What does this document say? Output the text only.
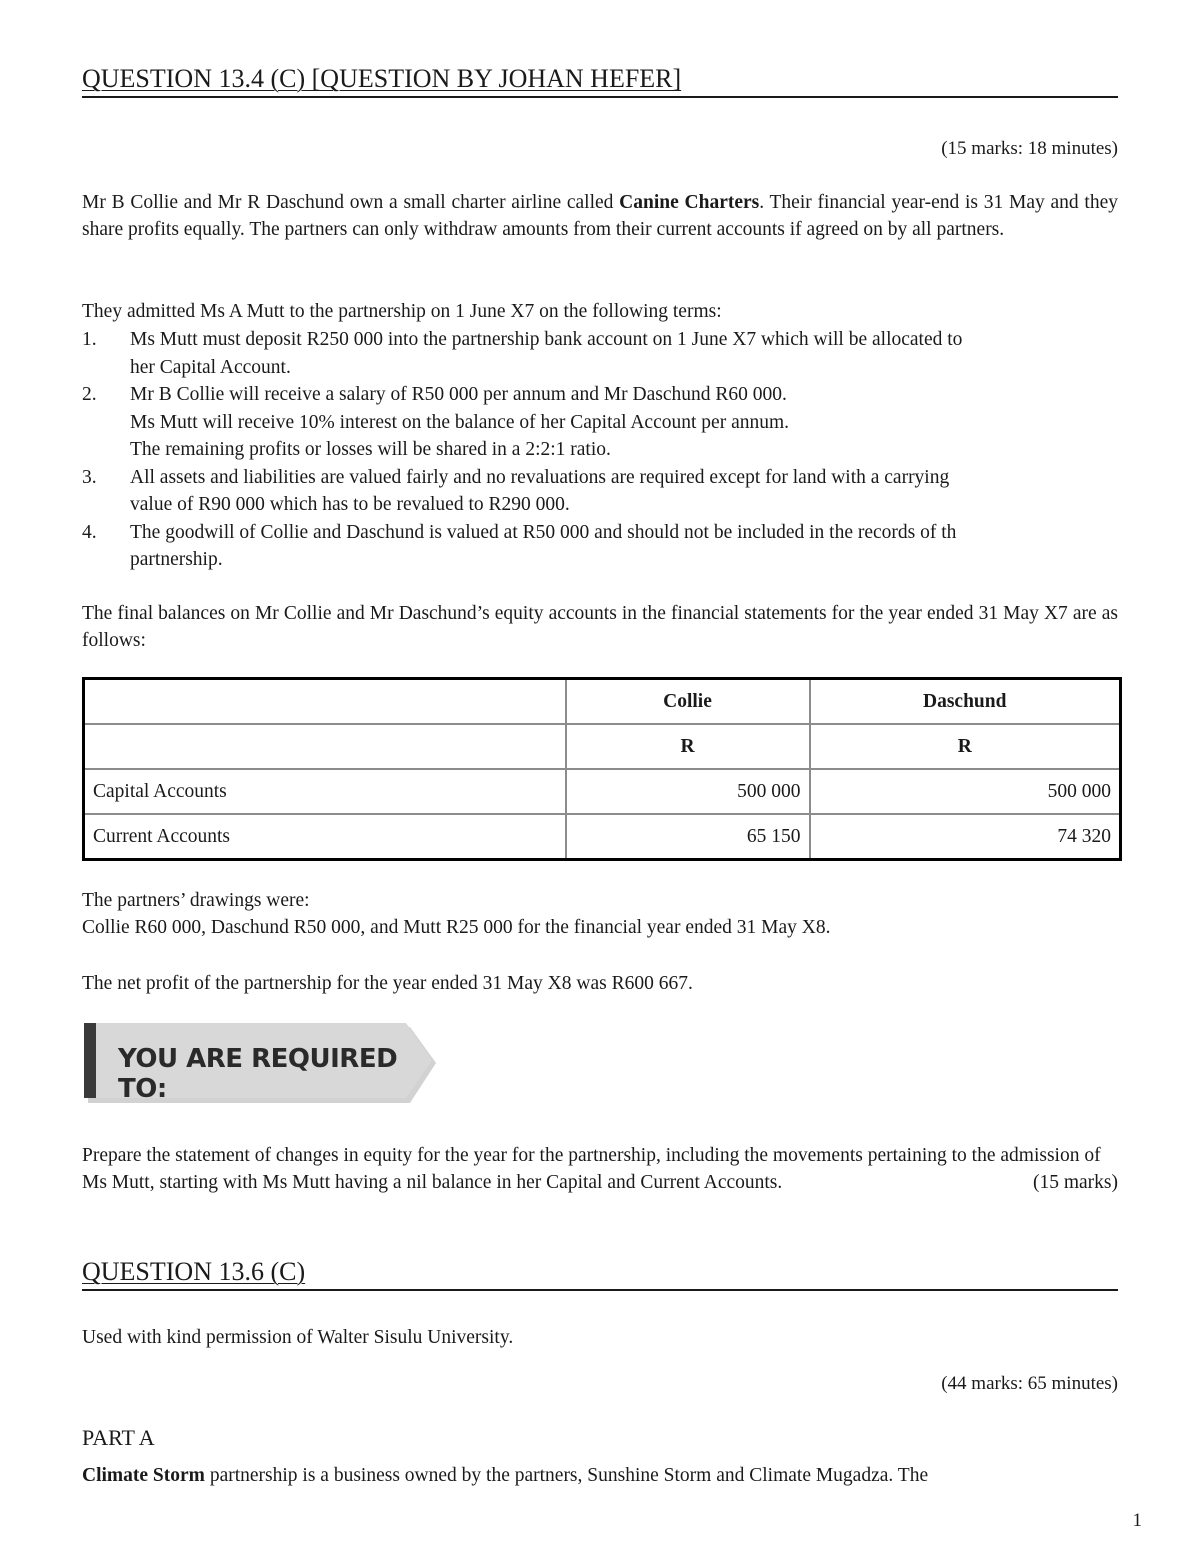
QUESTION 13.4 (C) [QUESTION BY JOHAN HEFER]
(15 marks: 18 minutes)
Mr B Collie and Mr R Daschund own a small charter airline called Canine Charters. Their financial year-end is 31 May and they share profits equally. The partners can only withdraw amounts from their current accounts if agreed on by all partners.
They admitted Ms A Mutt to the partnership on 1 June X7 on the following terms:
1. Ms Mutt must deposit R250 000 into the partnership bank account on 1 June X7 which will be allocated to
her Capital Account.
2. Mr B Collie will receive a salary of R50 000 per annum and Mr Daschund R60 000.
Ms Mutt will receive 10% interest on the balance of her Capital Account per annum.
The remaining profits or losses will be shared in a 2:2:1 ratio.
3. All assets and liabilities are valued fairly and no revaluations are required except for land with a carrying
value of R90 000 which has to be revalued to R290 000.
4. The goodwill of Collie and Daschund is valued at R50 000 and should not be included in the records of th
partnership.
The final balances on Mr Collie and Mr Daschund’s equity accounts in the financial statements for the year ended 31 May X7 are as follows:
	Collie	Daschund
	R	R
Capital Accounts	500 000	500 000
Current Accounts	65 150	74 320
The partners’ drawings were:
Collie R60 000, Daschund R50 000, and Mutt R25 000 for the financial year ended 31 May X8.
The net profit of the partnership for the year ended 31 May X8 was R600 667.
YOU ARE REQUIRED TO:
Prepare the statement of changes in equity for the year for the partnership, including the movements pertaining to the admission of Ms Mutt, starting with Ms Mutt having a nil balance in her Capital and Current Accounts.	(15 marks)
QUESTION 13.6 (C)
Used with kind permission of Walter Sisulu University.
(44 marks: 65 minutes)
PART A
Climate Storm partnership is a business owned by the partners, Sunshine Storm and Climate Mugadza. The
1
